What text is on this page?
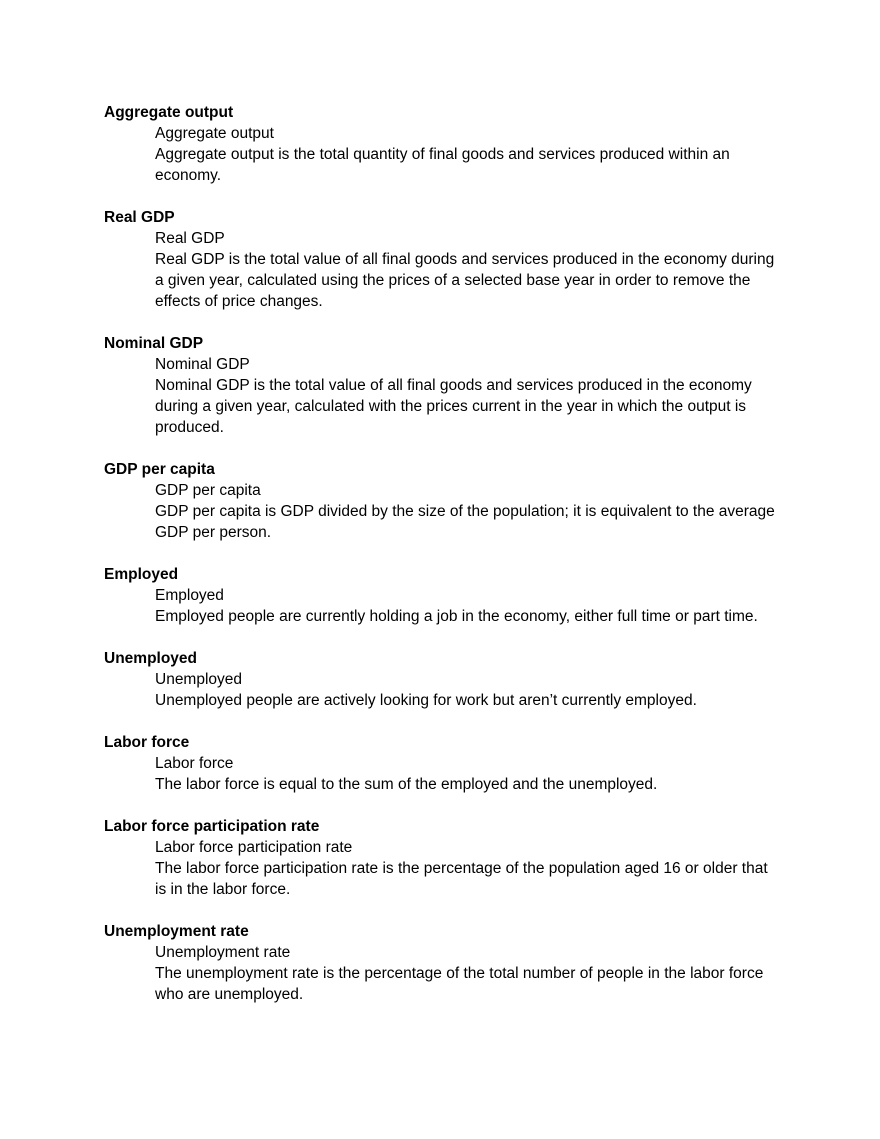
Aggregate output
Aggregate output
Aggregate output is the total quantity of final goods and services produced within an economy.
Real GDP
Real GDP
Real GDP is the total value of all final goods and services produced in the economy during a given year, calculated using the prices of a selected base year in order to remove the effects of price changes.
Nominal GDP
Nominal GDP
Nominal GDP is the total value of all final goods and services produced in the economy during a given year, calculated with the prices current in the year in which the output is produced.
GDP per capita
GDP per capita
GDP per capita is GDP divided by the size of the population; it is equivalent to the average GDP per person.
Employed
Employed
Employed people are currently holding a job in the economy, either full time or part time.
Unemployed
Unemployed
Unemployed people are actively looking for work but aren’t currently employed.
Labor force
Labor force
The labor force is equal to the sum of the employed and the unemployed.
Labor force participation rate
Labor force participation rate
The labor force participation rate is the percentage of the population aged 16 or older that is in the labor force.
Unemployment rate
Unemployment rate
The unemployment rate is the percentage of the total number of people in the labor force who are unemployed.
